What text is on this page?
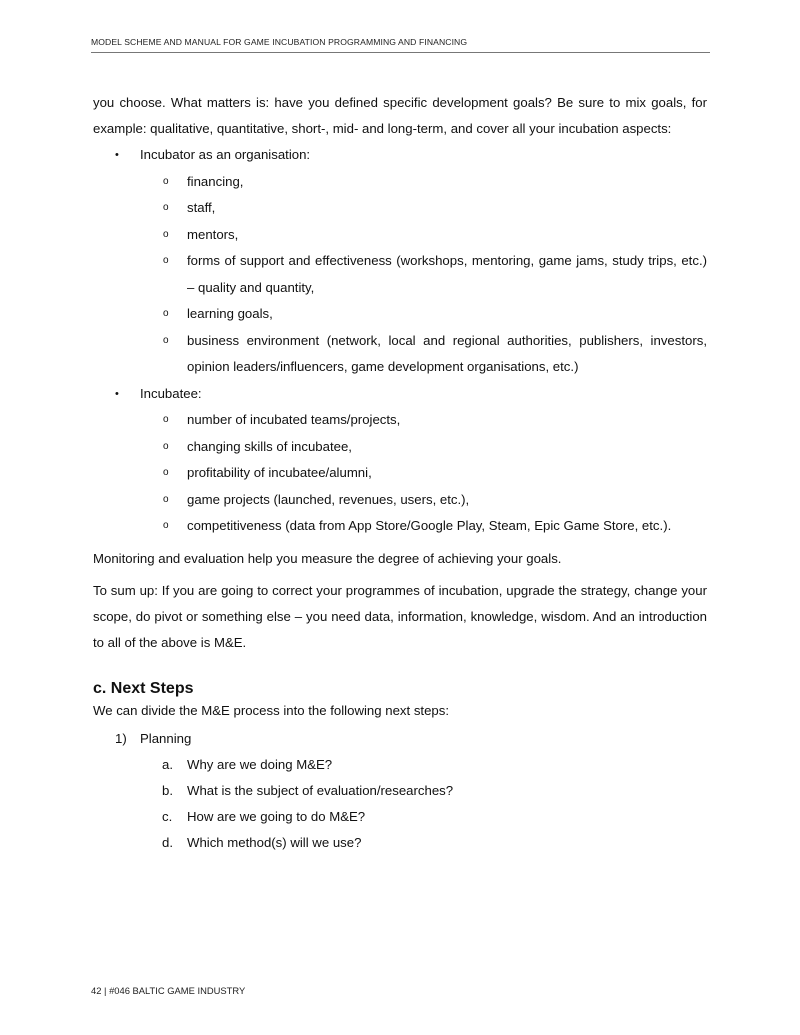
MODEL SCHEME AND MANUAL FOR GAME INCUBATION PROGRAMMING AND FINANCING

you choose. What matters is: have you defined specific development goals? Be sure to mix goals, for example: qualitative, quantitative, short-, mid- and long-term, and cover all your incubation aspects:

• Incubator as an organisation:
o financing,
o staff,
o mentors,
o forms of support and effectiveness (workshops, mentoring, game jams, study trips, etc.) – quality and quantity,
o learning goals,
o business environment (network, local and regional authorities, publishers, investors, opinion leaders/influencers, game development organisations, etc.)
• Incubatee:
o number of incubated teams/projects,
o changing skills of incubatee,
o profitability of incubatee/alumni,
o game projects (launched, revenues, users, etc.),
o competitiveness (data from App Store/Google Play, Steam, Epic Game Store, etc.).

Monitoring and evaluation help you measure the degree of achieving your goals.

To sum up: If you are going to correct your programmes of incubation, upgrade the strategy, change your scope, do pivot or something else – you need data, information, knowledge, wisdom. And an introduction to all of the above is M&E.

c. Next Steps

We can divide the M&E process into the following next steps:

1) Planning
a. Why are we doing M&E?
b. What is the subject of evaluation/researches?
c. How are we going to do M&E?
d. Which method(s) will we use?
42 | #046 BALTIC GAME INDUSTRY
